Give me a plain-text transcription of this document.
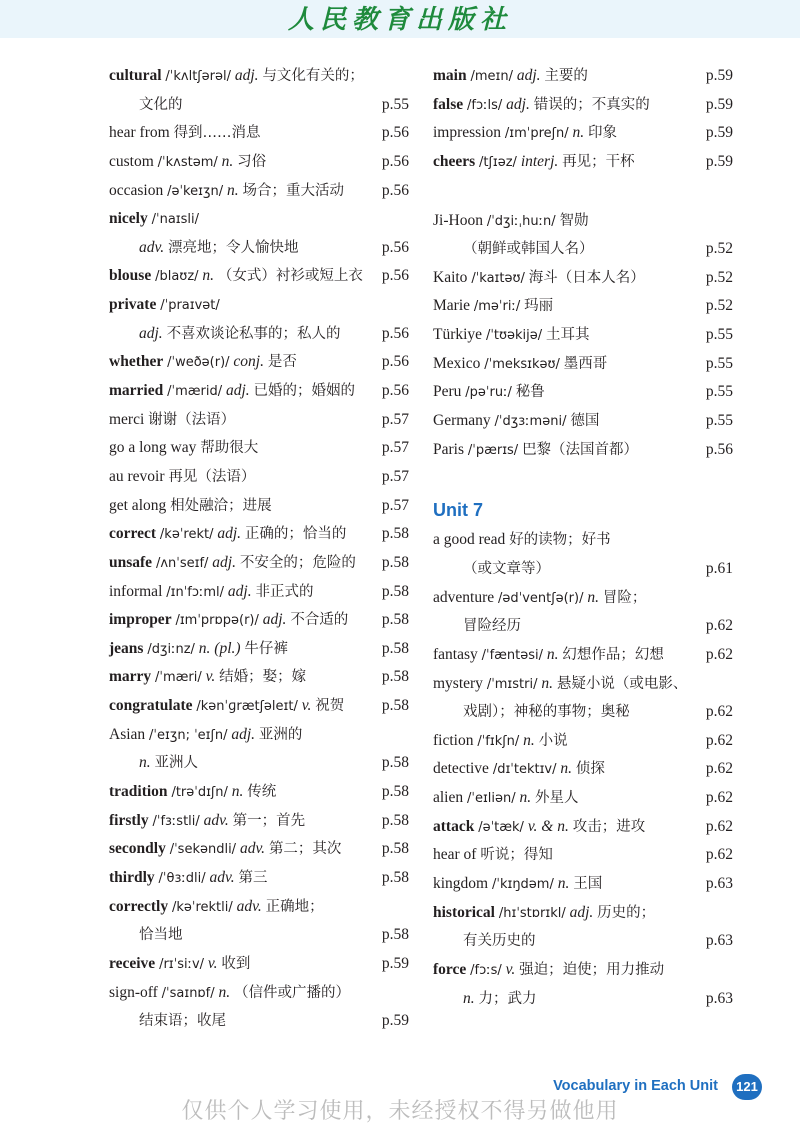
人民教育出版社
cultural /ˈkʌltʃərəl/ adj. 与文化有关的；
文化的	p.55
hear from 得到……消息	p.56
custom /ˈkʌstəm/ n. 习俗	p.56
occasion /əˈkeɪʒn/ n. 场合；重大活动 p.56
nicely /ˈnaɪsli/
adv. 漂亮地；令人愉快地	p.56
blouse /blaʊz/ n. （女式）衬衫或短上衣 p.56
private /ˈpraɪvət/
adj. 不喜欢谈论私事的；私人的	p.56
whether /ˈweðə(r)/ conj. 是否	p.56
married /ˈmærid/ adj. 已婚的；婚姻的 p.56
merci 谢谢（法语）	p.57
go a long way 帮助很大	p.57
au revoir 再见（法语）	p.57
get along 相处融洽；进展	p.57
correct /kəˈrekt/ adj. 正确的；恰当的 p.58
unsafe /ʌnˈseɪf/ adj. 不安全的；危险的 p.58
informal /ɪnˈfɔːml/ adj. 非正式的	p.58
improper /ɪmˈprɒpə(r)/ adj. 不合适的 p.58
jeans /dʒiːnz/ n. (pl.) 牛仔裤	p.58
marry /ˈmæri/ v. 结婚；娶；嫁	p.58
congratulate /kənˈɡrætʃəleɪt/ v. 祝贺 p.58
Asian /ˈeɪʒn; ˈeɪʃn/ adj. 亚洲的
n. 亚洲人	p.58
tradition /trəˈdɪʃn/ n. 传统	p.58
firstly /ˈfɜːstli/ adv. 第一；首先	p.58
secondly /ˈsekəndli/ adv. 第二；其次	p.58
thirdly /ˈθɜːdli/ adv. 第三	p.58
correctly /kəˈrektli/ adv. 正确地；
恰当地	p.58
receive /rɪˈsiːv/ v. 收到	p.59
sign-off /ˈsaɪnɒf/ n. （信件或广播的）
结束语；收尾	p.59
main /meɪn/ adj. 主要的	p.59
false /fɔːls/ adj. 错误的；不真实的	p.59
impression /ɪmˈpreʃn/ n. 印象	p.59
cheers /tʃɪəz/ interj. 再见；干杯	p.59
Ji-Hoon /ˈdʒiːˌhuːn/ 智勋
（朝鲜或韩国人名）	p.52
Kaito /ˈkaɪtəʊ/ 海斗（日本人名）	p.52
Marie /məˈriː/ 玛丽	p.52
Türkiye /ˈtʊəkijə/ 土耳其	p.55
Mexico /ˈmeksɪkəʊ/ 墨西哥	p.55
Peru /pəˈruː/ 秘鲁	p.55
Germany /ˈdʒɜːməni/ 德国	p.55
Paris /ˈpærɪs/ 巴黎（法国首都）	p.56
Unit 7
a good read 好的读物；好书
（或文章等）	p.61
adventure /ədˈventʃə(r)/ n. 冒险；
冒险经历	p.62
fantasy /ˈfæntəsi/ n. 幻想作品；幻想	p.62
mystery /ˈmɪstri/ n. 悬疑小说（或电影、
戏剧）；神秘的事物；奥秘	p.62
fiction /ˈfɪkʃn/ n. 小说	p.62
detective /dɪˈtektɪv/ n. 侦探	p.62
alien /ˈeɪliən/ n. 外星人	p.62
attack /əˈtæk/ v. & n. 攻击；进攻	p.62
hear of 听说；得知	p.62
kingdom /ˈkɪŋdəm/ n. 王国	p.63
historical /hɪˈstɒrɪkl/ adj. 历史的；
有关历史的	p.63
force /fɔːs/ v. 强迫；迫使；用力推动
n. 力；武力	p.63
Vocabulary in Each Unit	121
仅供个人学习使用，未经授权不得另做他用
